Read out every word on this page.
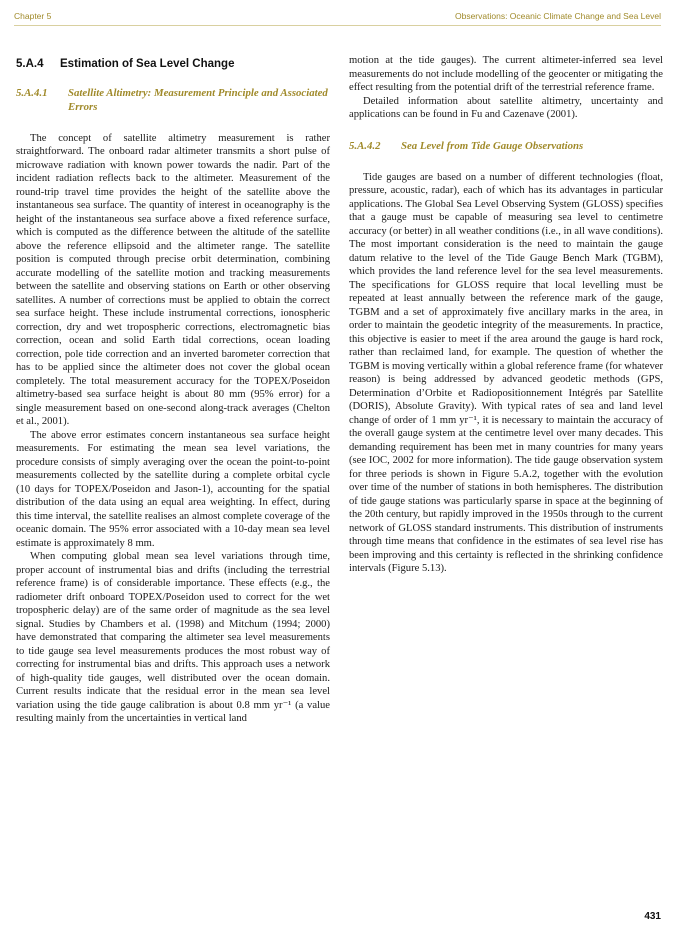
Chapter 5	Observations: Oceanic Climate Change and Sea Level
5.A.4 Estimation of Sea Level Change
5.A.4.1 Satellite Altimetry: Measurement Principle and Associated Errors

The concept of satellite altimetry measurement is rather straightforward. The onboard radar altimeter transmits a short pulse of microwave radiation with known power towards the nadir. Part of the incident radiation reflects back to the altimeter. Measurement of the round-trip travel time provides the height of the satellite above the instantaneous sea surface. The quantity of interest in oceanography is the height of the instantaneous sea surface above a fixed reference surface, which is computed as the difference between the altitude of the satellite above the reference ellipsoid and the altimeter range. The satellite position is computed through precise orbit determination, combining accurate modelling of the satellite motion and tracking measurements between the satellite and observing stations on Earth or other observing satellites. A number of corrections must be applied to obtain the correct sea surface height. These include instrumental corrections, ionospheric correction, dry and wet tropospheric corrections, electromagnetic bias correction, ocean and solid Earth tidal corrections, ocean loading correction, pole tide correction and an inverted barometer correction that has to be applied since the altimeter does not cover the global ocean completely. The total measurement accuracy for the TOPEX/Poseidon altimetry-based sea surface height is about 80 mm (95% error) for a single measurement based on one-second along-track averages (Chelton et al., 2001).

The above error estimates concern instantaneous sea surface height measurements. For estimating the mean sea level variations, the procedure consists of simply averaging over the ocean the point-to-point measurements collected by the satellite during a complete orbital cycle (10 days for TOPEX/Poseidon and Jason-1), accounting for the spatial distribution of the data using an equal area weighting. In effect, during this time interval, the satellite realises an almost complete coverage of the oceanic domain. The 95% error associated with a 10-day mean sea level estimate is approximately 8 mm.

When computing global mean sea level variations through time, proper account of instrumental bias and drifts (including the terrestrial reference frame) is of considerable importance. These effects (e.g., the radiometer drift onboard TOPEX/Poseidon used to correct for the wet tropospheric delay) are of the same order of magnitude as the sea level signal. Studies by Chambers et al. (1998) and Mitchum (1994; 2000) have demonstrated that comparing the altimeter sea level measurements to tide gauge sea level measurements produces the most robust way of correcting for instrumental bias and drifts. This approach uses a network of high-quality tide gauges, well distributed over the ocean domain. Current results indicate that the residual error in the mean sea level variation using the tide gauge calibration is about 0.8 mm yr⁻¹ (a value resulting mainly from the uncertainties in vertical land

motion at the tide gauges). The current altimeter-inferred sea level measurements do not include modelling of the geocenter or mitigating the effect resulting from the potential drift of the terrestrial reference frame.

Detailed information about satellite altimetry, uncertainty and applications can be found in Fu and Cazenave (2001).

5.A.4.2 Sea Level from Tide Gauge Observations

Tide gauges are based on a number of different technologies (float, pressure, acoustic, radar), each of which has its advantages in particular applications. The Global Sea Level Observing System (GLOSS) specifies that a gauge must be capable of measuring sea level to centimetre accuracy (or better) in all weather conditions (i.e., in all wave conditions). The most important consideration is the need to maintain the gauge datum relative to the level of the Tide Gauge Bench Mark (TGBM), which provides the land reference level for the sea level measurements. The specifications for GLOSS require that local levelling must be repeated at least annually between the reference mark of the gauge, TGBM and a set of approximately five ancillary marks in the area, in order to maintain the geodetic integrity of the measurements. In practice, this objective is easier to meet if the area around the gauge is hard rock, rather than reclaimed land, for example. The question of whether the TGBM is moving vertically within a global reference frame (for whatever reason) is being addressed by advanced geodetic methods (GPS, Determination d’Orbite et Radiopositionnement Intégrés par Satellite (DORIS), Absolute Gravity). With typical rates of sea and land level change of order of 1 mm yr⁻¹, it is necessary to maintain the accuracy of the overall gauge system at the centimetre level over many decades. This demanding requirement has been met in many countries for many years (see IOC, 2002 for more information). The tide gauge observation system for three periods is shown in Figure 5.A.2, together with the evolution over time of the number of stations in both hemispheres. The distribution of tide gauge stations was particularly sparse in space at the beginning of the 20th century, but rapidly improved in the 1950s through to the current network of GLOSS standard instruments. This distribution of instruments through time means that confidence in the estimates of sea level rise has been improving and this certainty is reflected in the shrinking confidence intervals (Figure 5.13).

431
